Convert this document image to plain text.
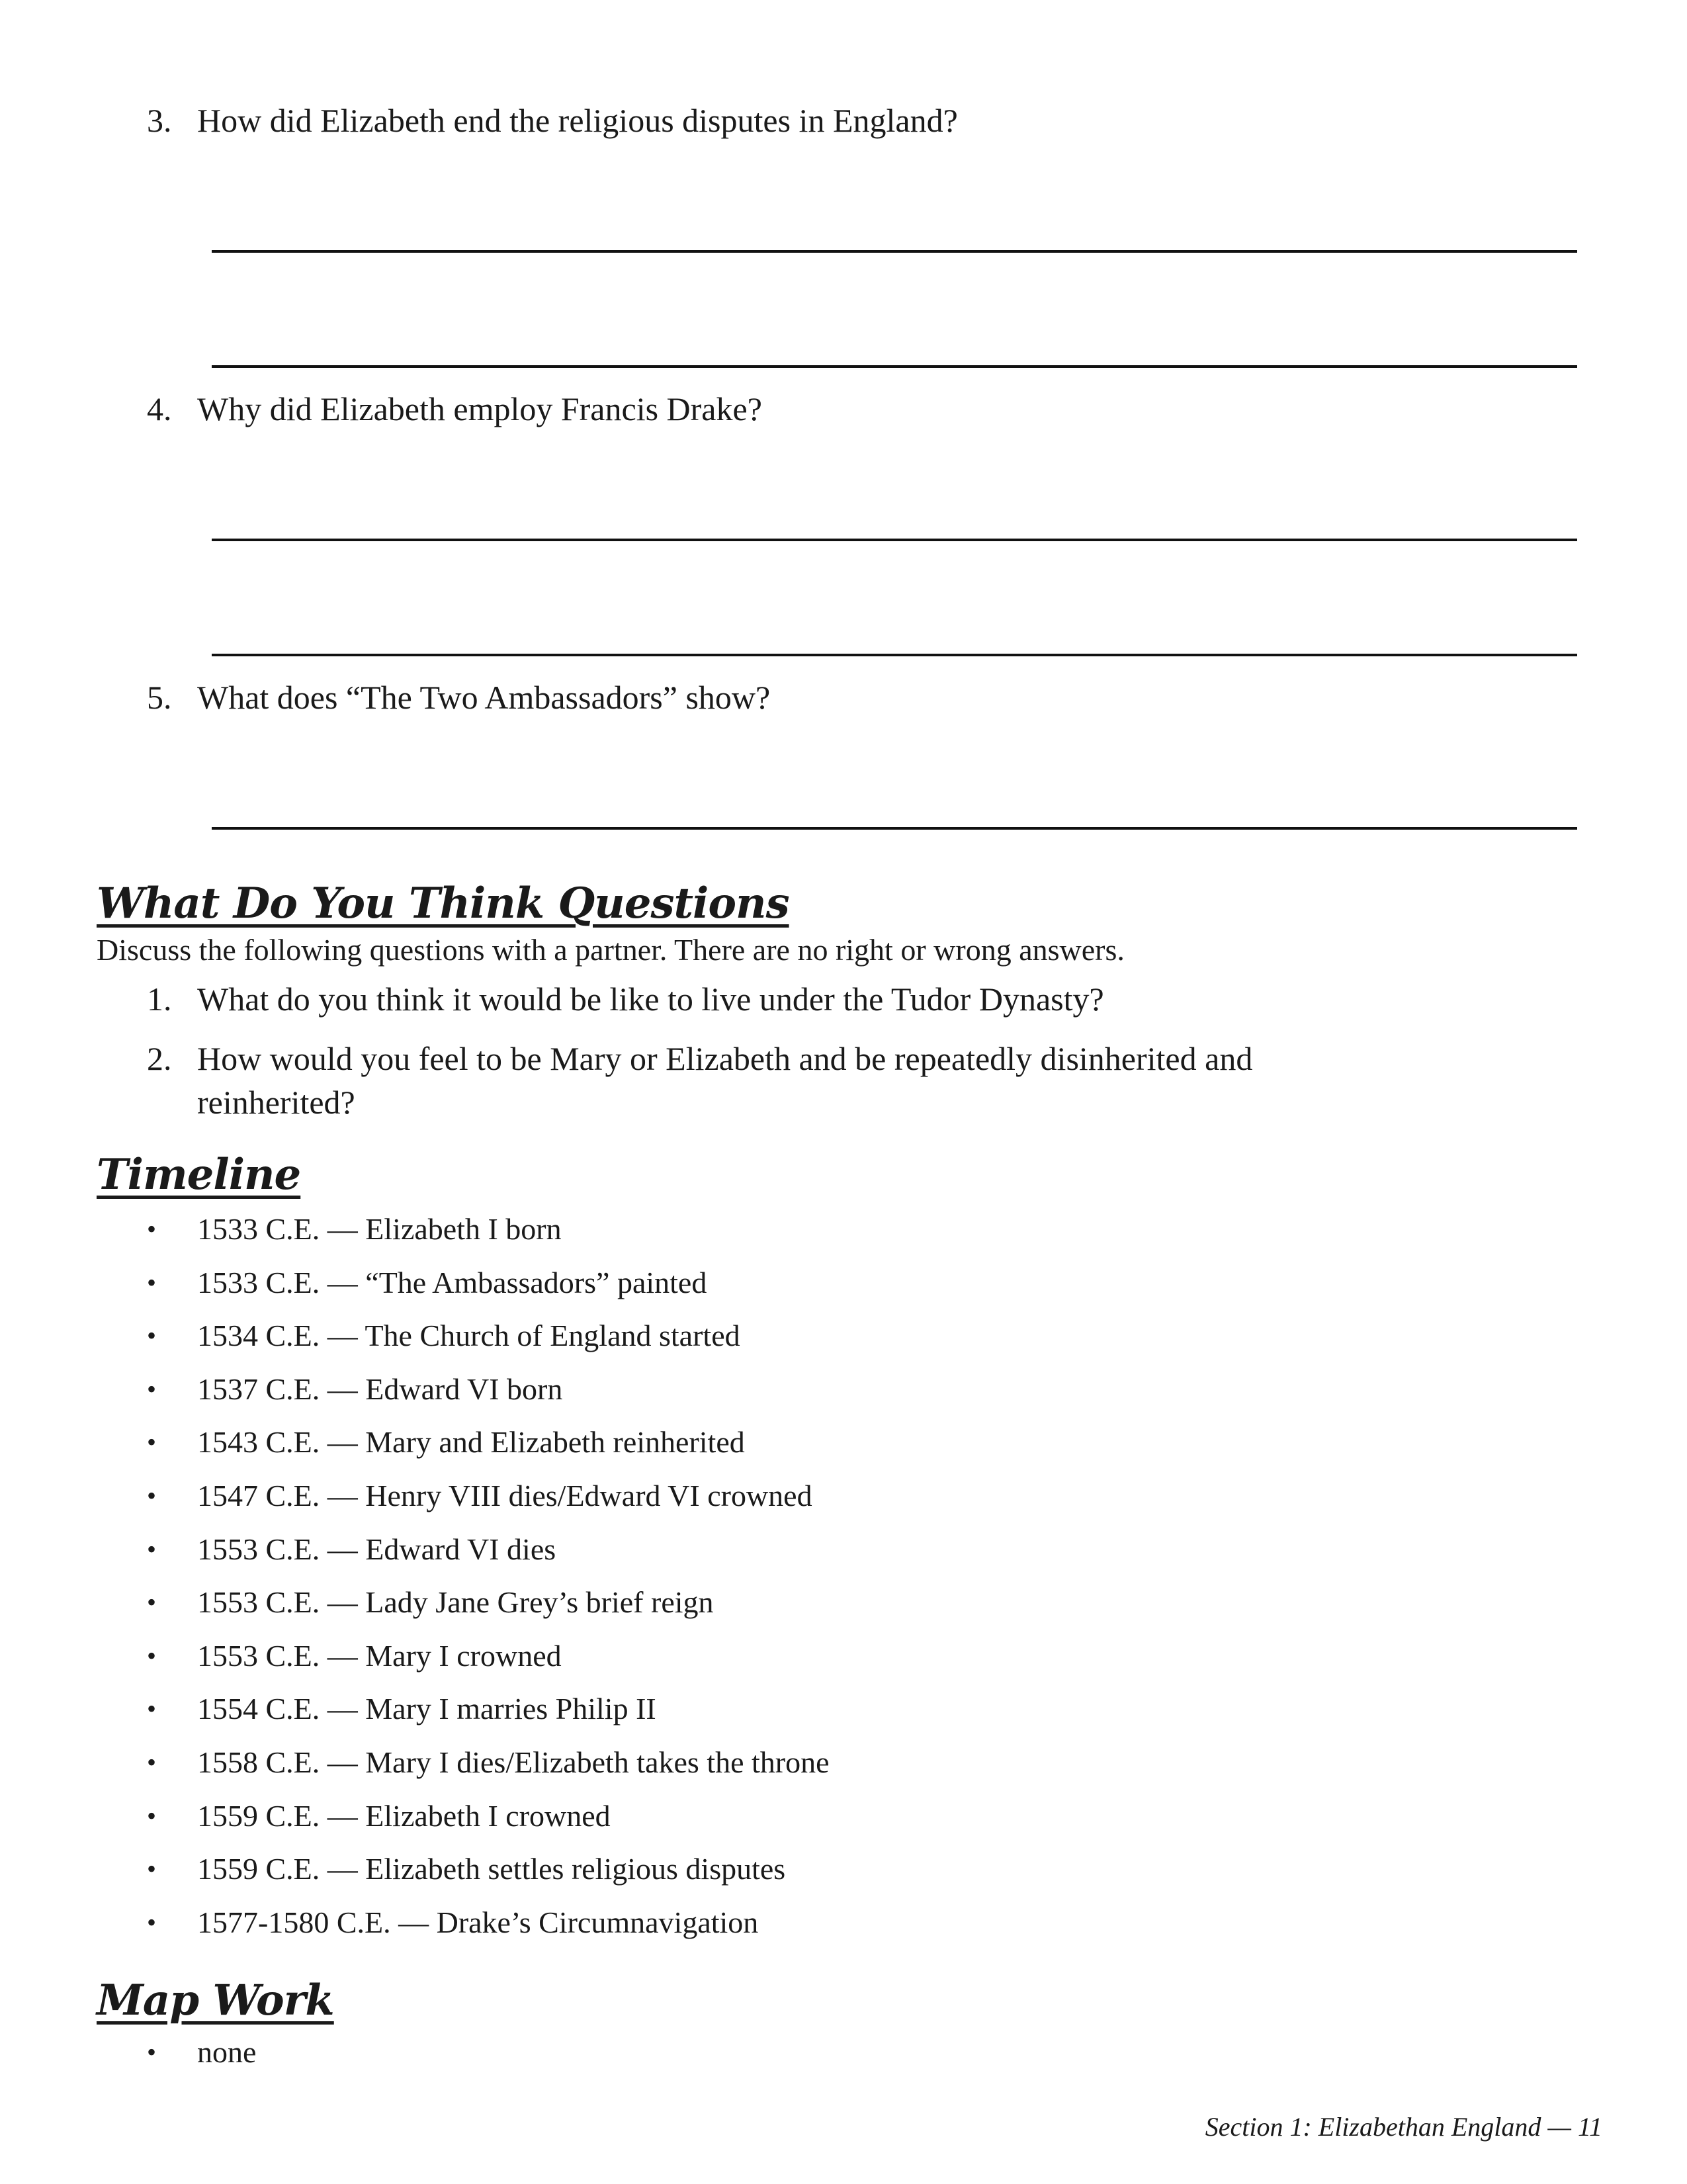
3. How did Elizabeth end the religious disputes in England?
4. Why did Elizabeth employ Francis Drake?
5. What does “The Two Ambassadors” show?
What Do You Think Questions
Discuss the following questions with a partner. There are no right or wrong answers.
1. What do you think it would be like to live under the Tudor Dynasty?
2. How would you feel to be Mary or Elizabeth and be repeatedly disinherited and
reinherited?
Timeline
• 1533 C.E. — Elizabeth I born
• 1533 C.E. — “The Ambassadors” painted
• 1534 C.E. — The Church of England started
• 1537 C.E. — Edward VI born
• 1543 C.E. — Mary and Elizabeth reinherited
• 1547 C.E. — Henry VIII dies/Edward VI crowned
• 1553 C.E. — Edward VI dies
• 1553 C.E. — Lady Jane Grey’s brief reign
• 1553 C.E. — Mary I crowned
• 1554 C.E. — Mary I marries Philip II
• 1558 C.E. — Mary I dies/Elizabeth takes the throne
• 1559 C.E. — Elizabeth I crowned
• 1559 C.E. — Elizabeth settles religious disputes
• 1577-1580 C.E. — Drake’s Circumnavigation
Map Work
• none
Section 1: Elizabethan England — 11
